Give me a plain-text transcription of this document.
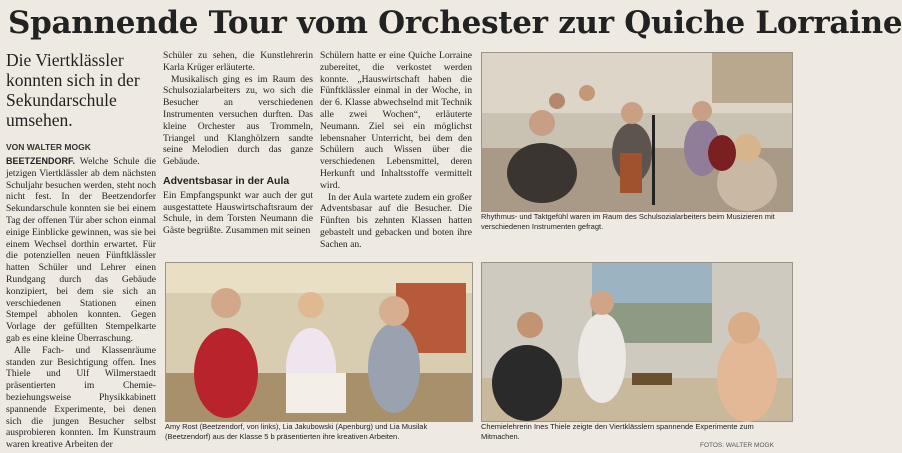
Spannende Tour vom Orchester zur Quiche Lorraine
Die Viertklässler konnten sich in der Sekundarschule umsehen.
VON WALTER MOGK

BEETZENDORF. Welche Schule die jetzigen Viertklässler ab dem nächsten Schuljahr besuchen werden, steht noch nicht fest. In der Beetzendorfer Sekundarschule konnten sie bei einem Tag der offenen Tür aber schon einmal einige Einblicke gewinnen, was sie bei einem Wechsel dorthin erwartet. Für die potenziellen neuen Fünftklässler hatten Schüler und Lehrer einen Rundgang durch das Gebäude konzipiert, bei dem sie sich an verschiedenen Stationen einen Stempel abholen konnten. Gegen Vorlage der gefüllten Stempelkarte gab es eine kleine Überraschung.

Alle Fach- und Klassenräume standen zur Besichtigung offen. Ines Thiele und Ulf Wilmerstaedt präsentierten im Chemie- beziehungsweise Physikkabinett spannende Experimente, bei denen sich die jungen Besucher selbst ausprobieren konnten. Im Kunstraum waren kreative Arbeiten der

Schüler zu sehen, die Kunstlehrerin Karla Krüger erläuterte.

Musikalisch ging es im Raum des Schulsozialarbeiters zu, wo sich die Besucher an verschiedenen Instrumenten versuchen durften. Das kleine Orchester aus Trommeln, Triangel und Klanghölzern sandte seine Melodien durch das ganze Gebäude.

Adventsbasar in der Aula

Ein Empfangspunkt war auch der gut ausgestattete Hauswirtschaftsraum der Schule, in dem Torsten Neumann die Gäste begrüßte. Zusammen mit seinen

Schülern hatte er eine Quiche Lorraine zubereitet, die verkostet werden konnte. „Hauswirtschaft haben die Fünftklässler einmal in der Woche, in der 6. Klasse abwechselnd mit Technik alle zwei Wochen“, erläuterte Neumann. Ziel sei ein möglichst lebensnaher Unterricht, bei dem den Schülern auch Wissen über die verschiedenen Lebensmittel, deren Herkunft und Inhaltsstoffe vermittelt wird.

In der Aula wartete zudem ein großer Adventsbasar auf die Besucher. Die Fünften bis zehnten Klassen hatten gebastelt und gebacken und boten ihre Sachen an.

Rhythmus- und Taktgefühl waren im Raum des Schulsozialarbeiters beim Musizieren mit verschiedenen Instrumenten gefragt.
Amy Rost (Beetzendorf, von links), Lia Jakubowski (Apenburg) und Lia Musilak (Beetzendorf) aus der Klasse 5 b präsentierten ihre kreativen Arbeiten.
Chemielehrerin Ines Thiele zeigte den Viertklässlern spannende Experimente zum Mitmachen.
FOTOS: WALTER MOGK
